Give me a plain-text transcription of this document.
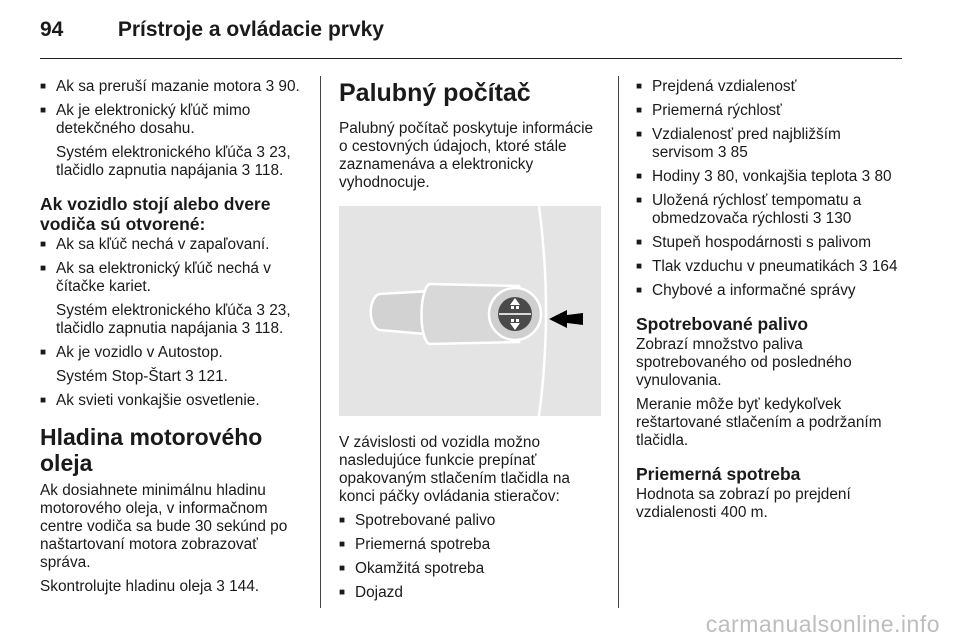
94	Prístroje a ovládacie prvky
■ Ak sa preruší mazanie motora 3 90.
■ Ak je elektronický kľúč mimo detekčného dosahu.
Systém elektronického kľúča 3 23, tlačidlo zapnutia napájania 3 118.
Ak vozidlo stojí alebo dvere vodiča sú otvorené:
■ Ak sa kľúč nechá v zapaľovaní.
■ Ak sa elektronický kľúč nechá v čítačke kariet.
Systém elektronického kľúča 3 23, tlačidlo zapnutia napájania 3 118.
■ Ak je vozidlo v Autostop.
Systém Stop-Štart 3 121.
■ Ak svieti vonkajšie osvetlenie.
Hladina motorového oleja
Ak dosiahnete minimálnu hladinu motorového oleja, v informačnom centre vodiča sa bude 30 sekúnd po naštartovaní motora zobrazovať správa.
Skontrolujte hladinu oleja 3 144.
Palubný počítač
Palubný počítač poskytuje informácie o cestovných údajoch, ktoré stále zaznamenáva a elektronicky vyhodnocuje.
V závislosti od vozidla možno nasledujúce funkcie prepínať opakovaným stlačením tlačidla na konci páčky ovládania stieračov:
■ Spotrebované palivo
■ Priemerná spotreba
■ Okamžitá spotreba
■ Dojazd
■ Prejdená vzdialenosť
■ Priemerná rýchlosť
■ Vzdialenosť pred najbližším servisom 3 85
■ Hodiny 3 80, vonkajšia teplota 3 80
■ Uložená rýchlosť tempomatu a obmedzovača rýchlosti 3 130
■ Stupeň hospodárnosti s palivom
■ Tlak vzduchu v pneumatikách 3 164
■ Chybové a informačné správy
Spotrebované palivo
Zobrazí množstvo paliva spotrebovaného od posledného vynulovania.
Meranie môže byť kedykoľvek reštartované stlačením a podržaním tlačidla.
Priemerná spotreba
Hodnota sa zobrazí po prejdení vzdialenosti 400 m.
carmanualsonline.info
